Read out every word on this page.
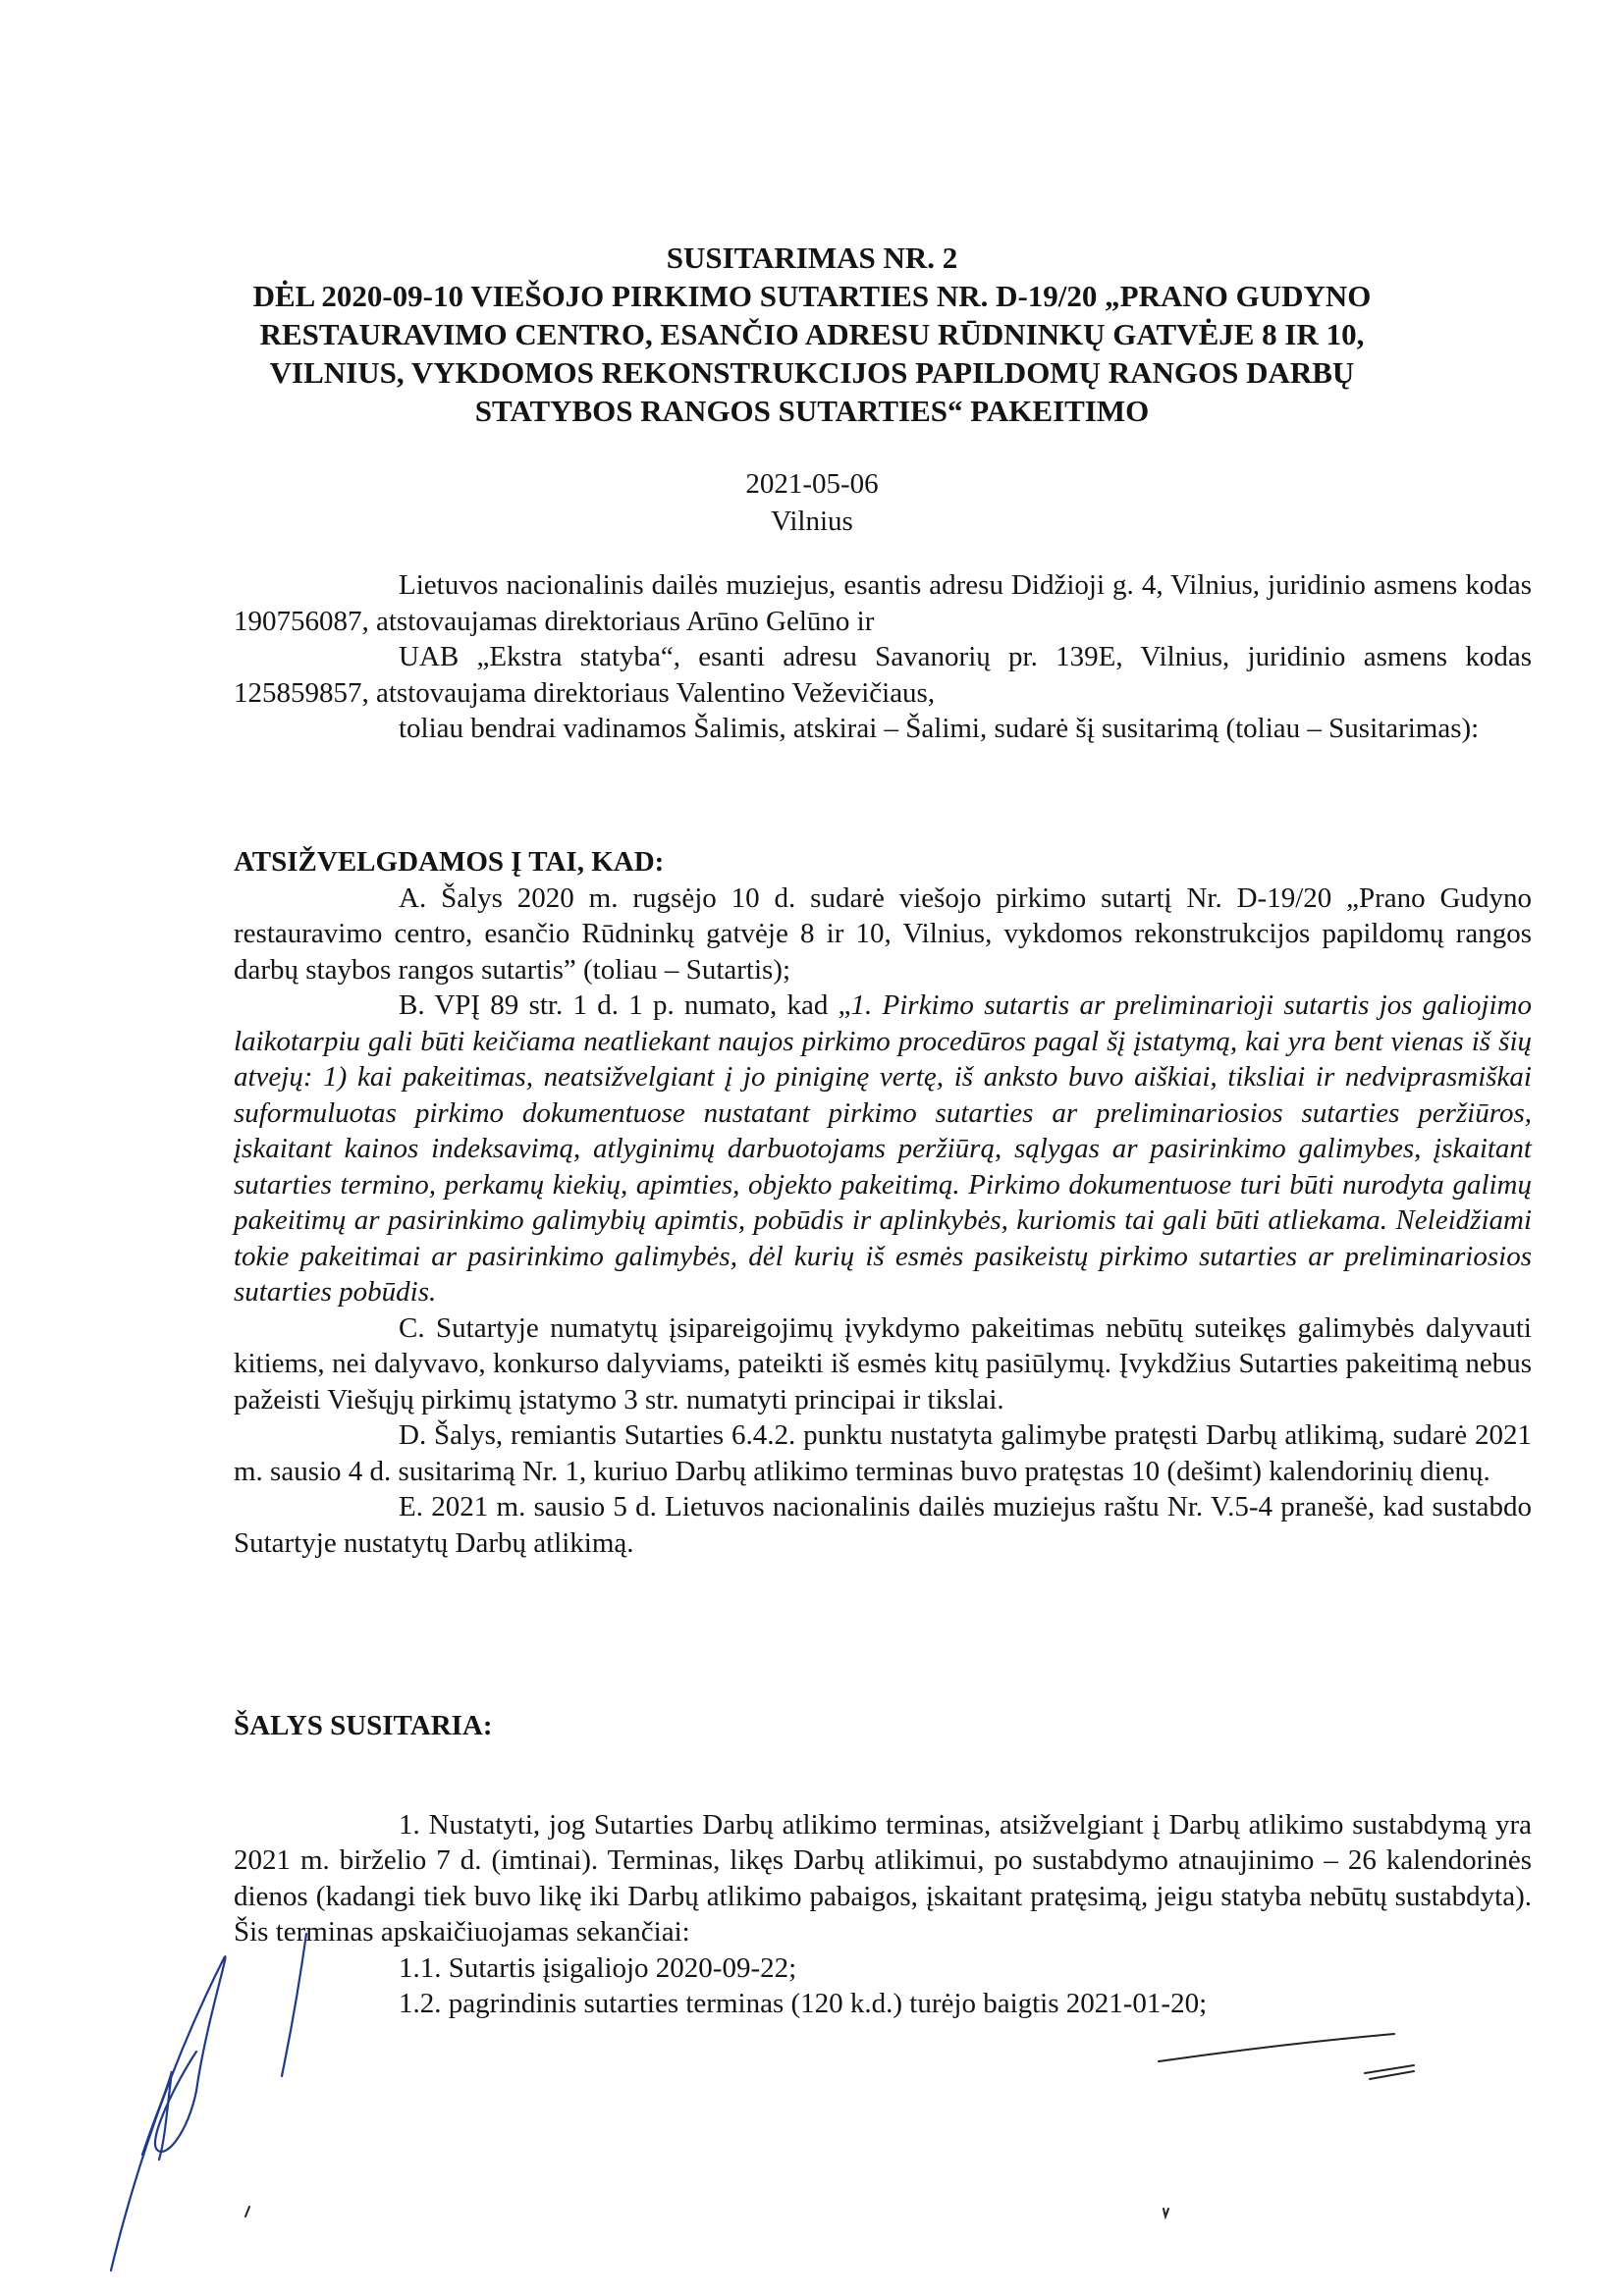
SUSITARIMAS NR. 2
DĖL 2020-09-10 VIEŠOJO PIRKIMO SUTARTIES NR. D-19/20 „PRANO GUDYNO
RESTAURAVIMO CENTRO, ESANČIO ADRESU RŪDNINKŲ GATVĖJE 8 IR 10,
VILNIUS, VYKDOMOS REKONSTRUKCIJOS PAPILDOMŲ RANGOS DARBŲ
STATYBOS RANGOS SUTARTIES“ PAKEITIMO
2021-05-06
Vilnius

Lietuvos nacionalinis dailės muziejus, esantis adresu Didžioji g. 4, Vilnius, juridinio asmens kodas 190756087, atstovaujamas direktoriaus Arūno Gelūno ir

UAB „Ekstra statyba“, esanti adresu Savanorių pr. 139E, Vilnius, juridinio asmens kodas 125859857, atstovaujama direktoriaus Valentino Veževičiaus,

toliau bendrai vadinamos Šalimis, atskirai – Šalimi, sudarė šį susitarimą (toliau – Susitarimas):

ATSIŽVELGDAMOS Į TAI, KAD:

A. Šalys 2020 m. rugsėjo 10 d. sudarė viešojo pirkimo sutartį Nr. D-19/20 „Prano Gudyno restauravimo centro, esančio Rūdninkų gatvėje 8 ir 10, Vilnius, vykdomos rekonstrukcijos papildomų rangos darbų staybos rangos sutartis” (toliau – Sutartis);

B. VPĮ 89 str. 1 d. 1 p. numato, kad „1. Pirkimo sutartis ar preliminarioji sutartis jos galiojimo laikotarpiu gali būti keičiama neatliekant naujos pirkimo procedūros pagal šį įstatymą, kai yra bent vienas iš šių atvejų: 1) kai pakeitimas, neatsižvelgiant į jo piniginę vertę, iš anksto buvo aiškiai, tiksliai ir nedviprasmiškai suformuluotas pirkimo dokumentuose nustatant pirkimo sutarties ar preliminariosios sutarties peržiūros, įskaitant kainos indeksavimą, atlyginimų darbuotojams peržiūrą, sąlygas ar pasirinkimo galimybes, įskaitant sutarties termino, perkamų kiekių, apimties, objekto pakeitimą. Pirkimo dokumentuose turi būti nurodyta galimų pakeitimų ar pasirinkimo galimybių apimtis, pobūdis ir aplinkybės, kuriomis tai gali būti atliekama. Neleidžiami tokie pakeitimai ar pasirinkimo galimybės, dėl kurių iš esmės pasikeistų pirkimo sutarties ar preliminariosios sutarties pobūdis.

C. Sutartyje numatytų įsipareigojimų įvykdymo pakeitimas nebūtų suteikęs galimybės dalyvauti kitiems, nei dalyvavo, konkurso dalyviams, pateikti iš esmės kitų pasiūlymų. Įvykdžius Sutarties pakeitimą nebus pažeisti Viešųjų pirkimų įstatymo 3 str. numatyti principai ir tikslai.

D. Šalys, remiantis Sutarties 6.4.2. punktu nustatyta galimybe pratęsti Darbų atlikimą, sudarė 2021 m. sausio 4 d. susitarimą Nr. 1, kuriuo Darbų atlikimo terminas buvo pratęstas 10 (dešimt) kalendorinių dienų.

E. 2021 m. sausio 5 d. Lietuvos nacionalinis dailės muziejus raštu Nr. V.5-4 pranešė, kad sustabdo Sutartyje nustatytų Darbų atlikimą.

ŠALYS SUSITARIA:

1. Nustatyti, jog Sutarties Darbų atlikimo terminas, atsižvelgiant į Darbų atlikimo sustabdymą yra 2021 m. birželio 7 d. (imtinai). Terminas, likęs Darbų atlikimui, po sustabdymo atnaujinimo – 26 kalendorinės dienos (kadangi tiek buvo likę iki Darbų atlikimo pabaigos, įskaitant pratęsimą, jeigu statyba nebūtų sustabdyta). Šis terminas apskaičiuojamas sekančiai:

1.1. Sutartis įsigaliojo 2020-09-22;

1.2. pagrindinis sutarties terminas (120 k.d.) turėjo baigtis 2021-01-20;
